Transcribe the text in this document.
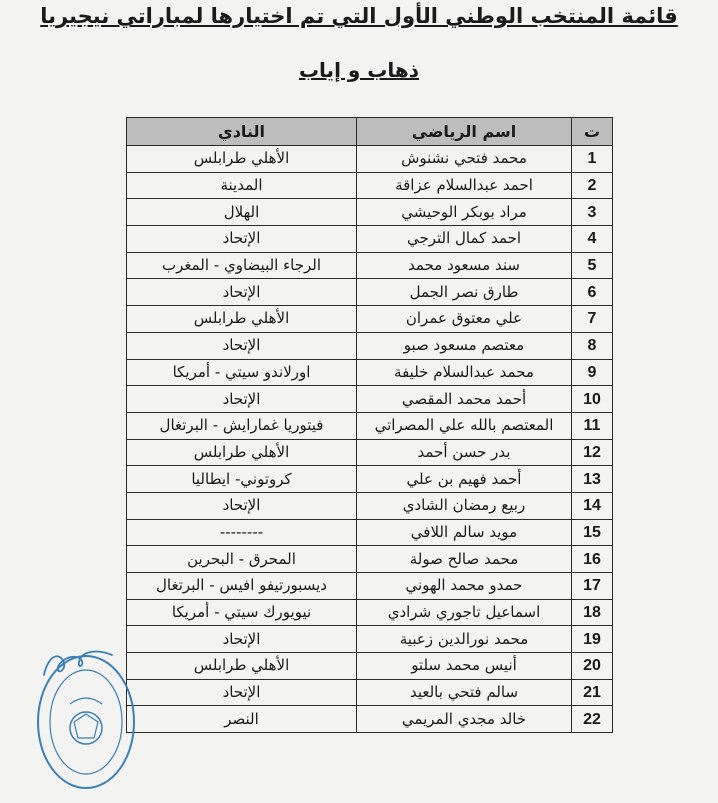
قائمة المنتخب الوطني الأول التي تم اختيارها لمباراتي نيجيريا
ذهاب و إياب
ت	اسم الرياضي	النادي
1	محمد فتحي نشنوش	الأهلي طرابلس
2	احمد عبدالسلام عزاقة	المدينة
3	مراد بوبكر الوحيشي	الهلال
4	احمد كمال الترجي	الإتحاد
5	سند مسعود محمد	الرجاء البيضاوي - المغرب
6	طارق نصر الجمل	الإتحاد
7	علي معتوق عمران	الأهلي طرابلس
8	معتصم مسعود صبو	الإتحاد
9	محمد عبدالسلام خليفة	اورلاندو سيتي - أمريكا
10	أحمد محمد المقصي	الإتحاد
11	المعتصم بالله علي المصراتي	فيتوريا غمارايش - البرتغال
12	بدر حسن أحمد	الأهلي طرابلس
13	أحمد فهيم بن علي	كروتوني- ايطاليا
14	ربيع رمضان الشادي	الإتحاد
15	مويد سالم اللافي	--------
16	محمد صالح صولة	المحرق - البحرين
17	حمدو محمد الهوني	ديسبورتيفو افيس - البرتغال
18	اسماعيل تاجوري شرادي	نيويورك سيتي - أمريكا
19	محمد نورالدين زعبية	الإتحاد
20	أنيس محمد سلتو	الأهلي طرابلس
21	سالم فتحي بالعيد	الإتحاد
22	خالد مجدي المريمي	النصر
